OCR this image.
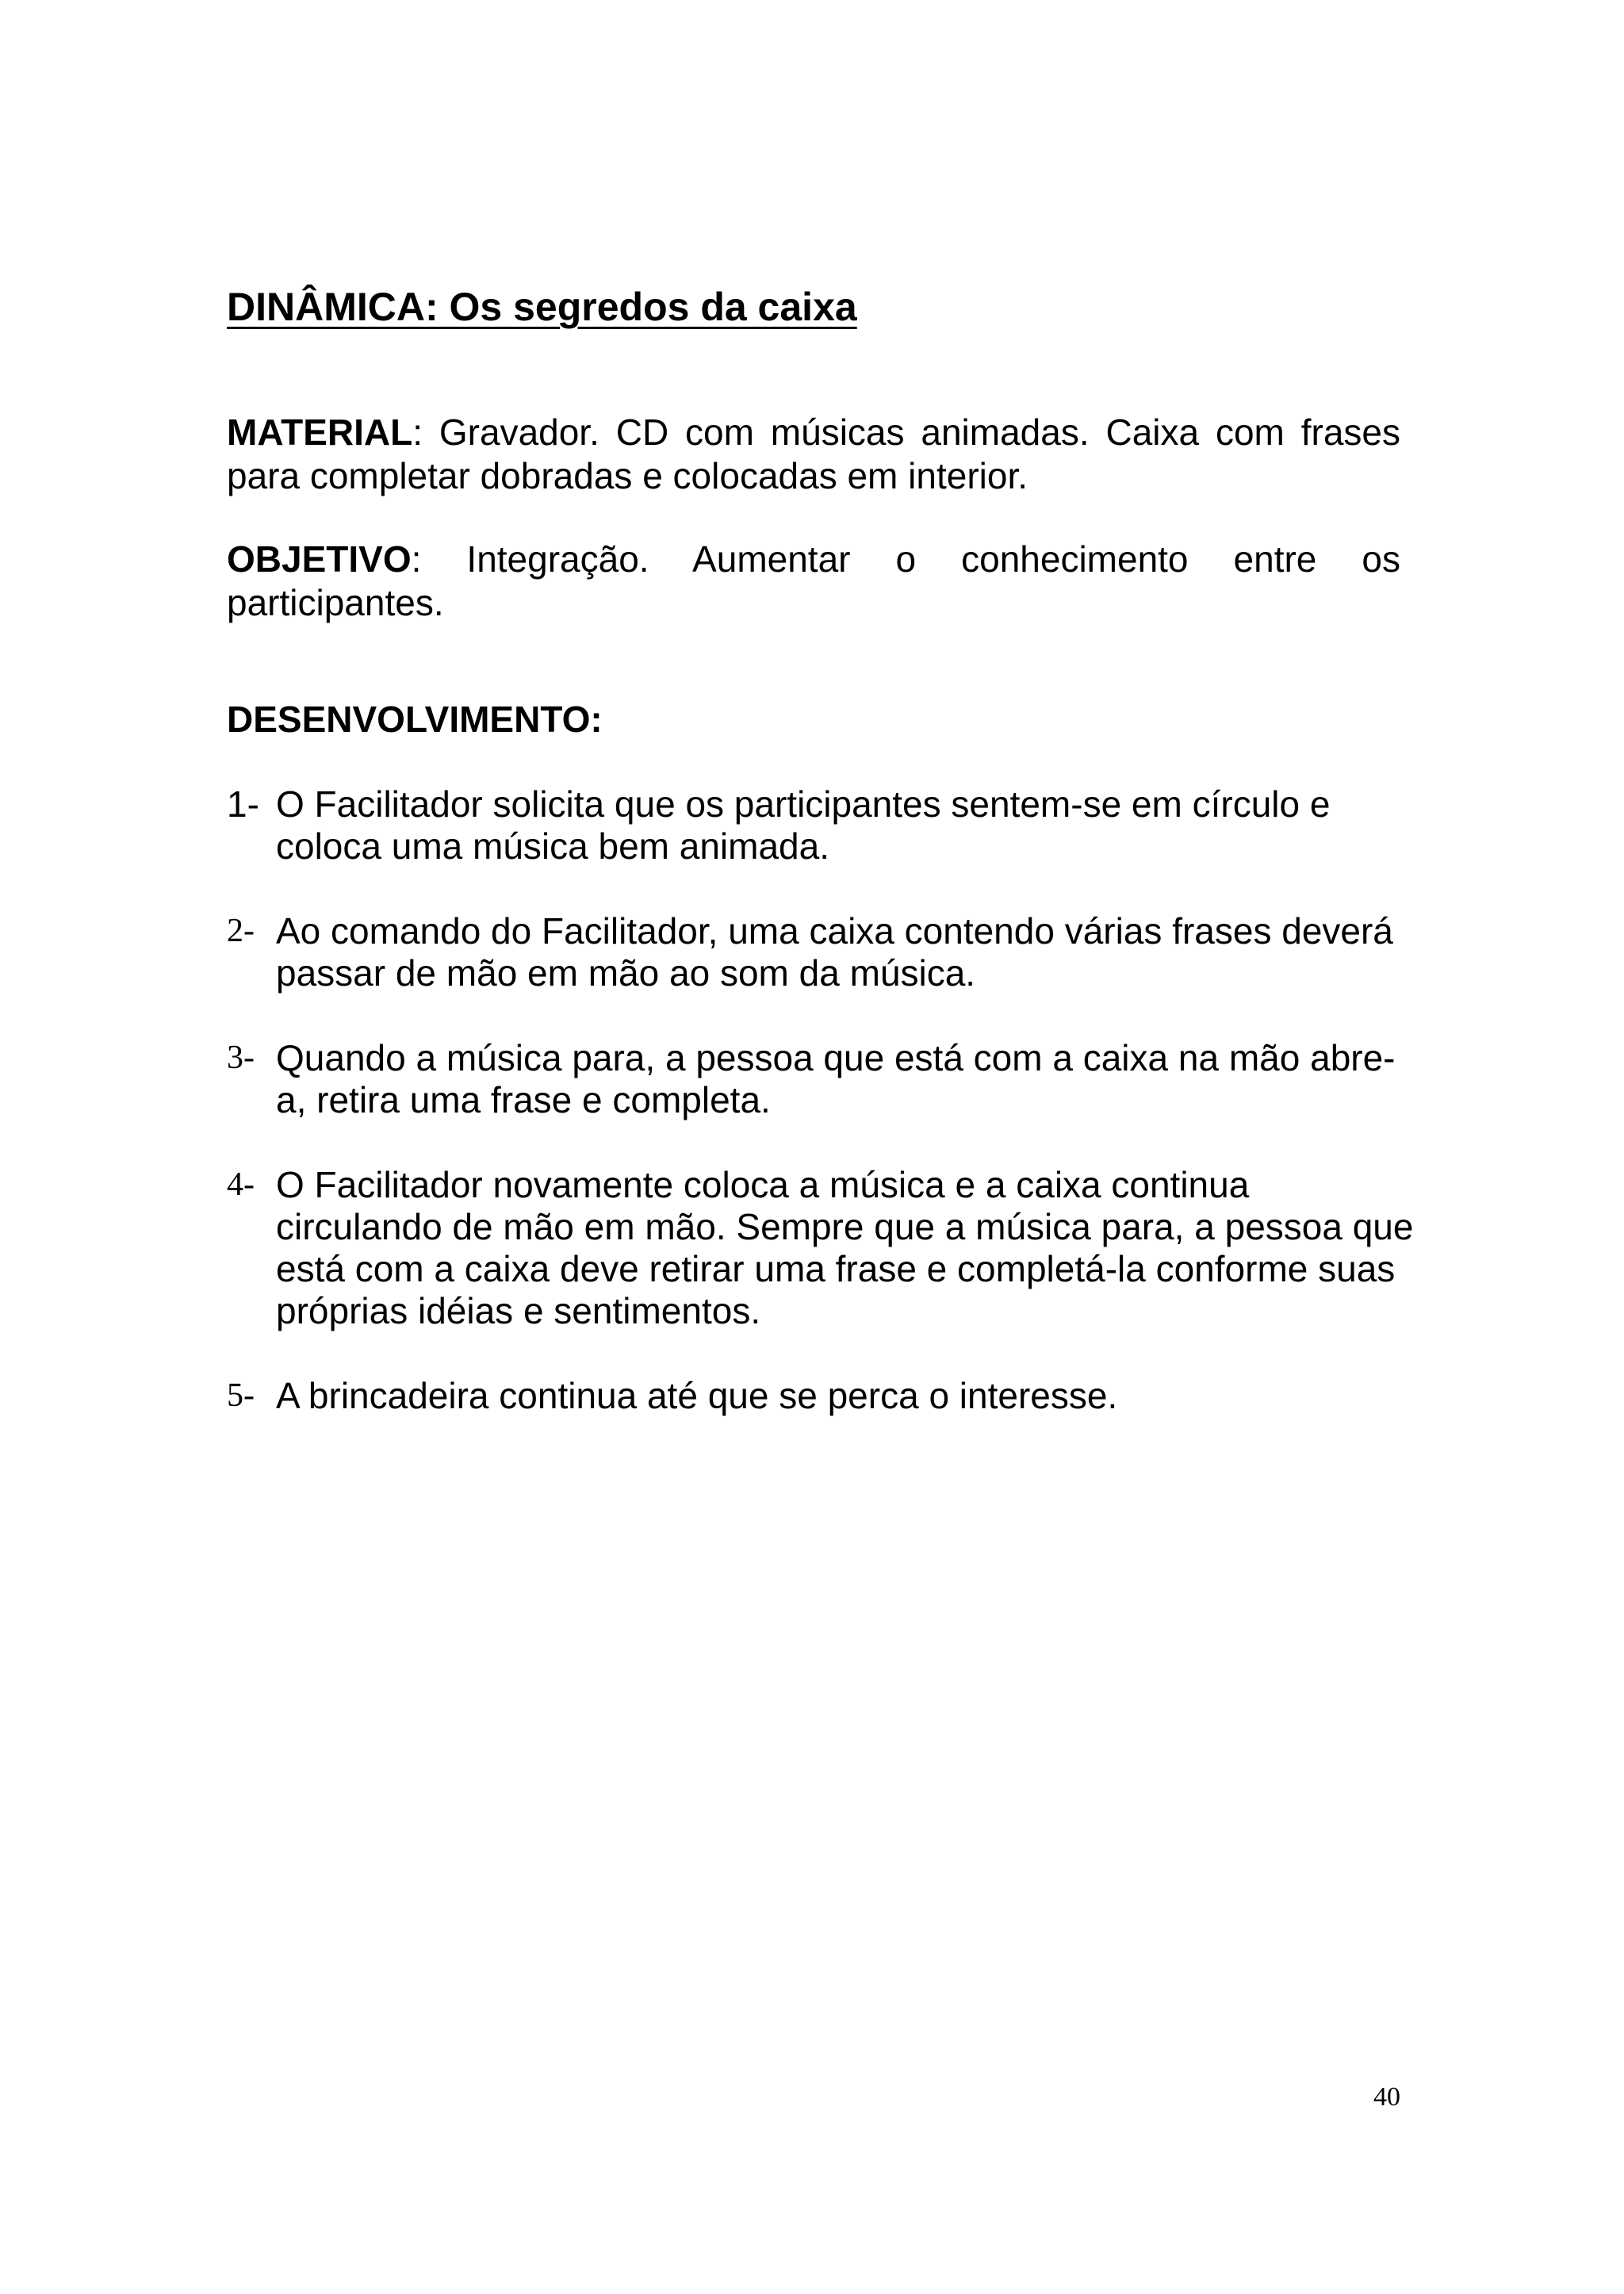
DINÂMICA: Os segredos da caixa

MATERIAL: Gravador. CD com músicas animadas. Caixa com frases para completar dobradas e colocadas em interior.

OBJETIVO: Integração. Aumentar o conhecimento entre os participantes.

DESENVOLVIMENTO:
1- O Facilitador solicita que os participantes sentem-se em círculo e coloca uma música bem animada.
2- Ao comando do Facilitador, uma caixa contendo várias frases deverá passar de mão em mão ao som da música.
3- Quando a música para, a pessoa que está com a caixa na mão abre-a, retira uma frase e completa.
4- O Facilitador novamente coloca a música e a caixa continua circulando de mão em mão. Sempre que a música para, a pessoa que está com a caixa deve retirar uma frase e completá-la conforme suas próprias idéias e sentimentos.
5- A brincadeira continua até que se perca o interesse.

40
